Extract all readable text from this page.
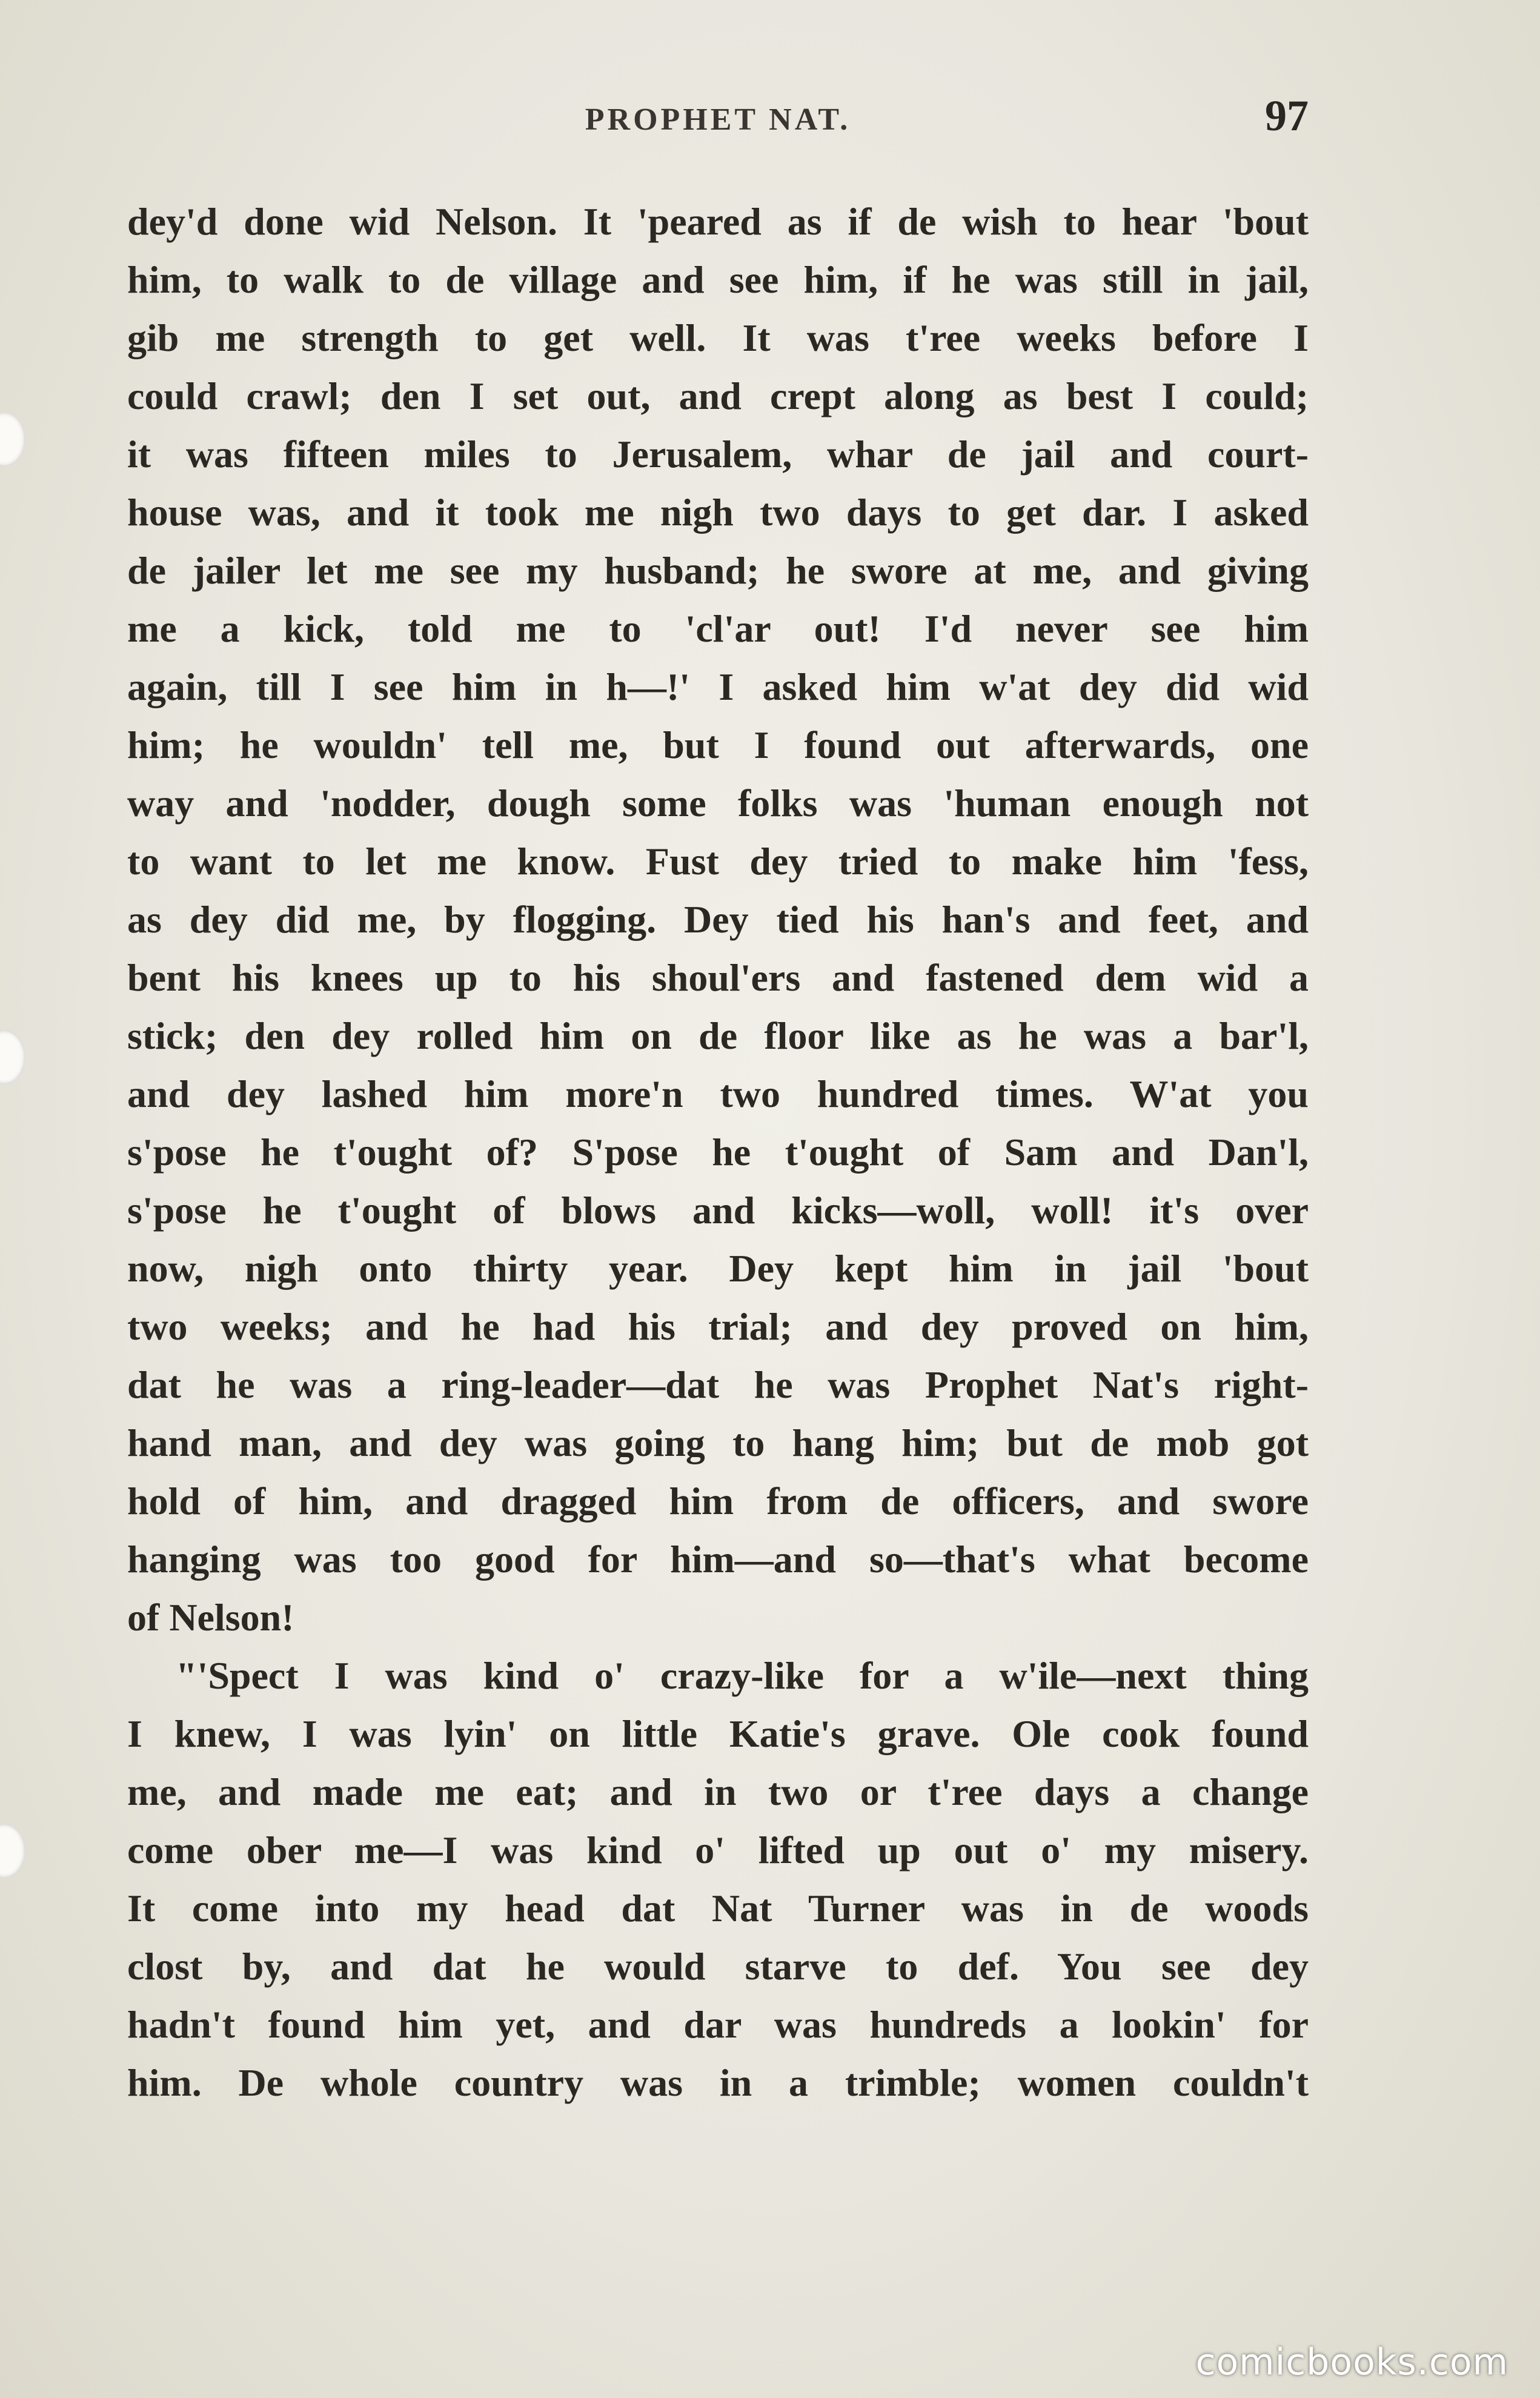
PROPHET NAT.	97
dey'd done wid Nelson. It 'peared as if de wish to hear 'bout
him, to walk to de village and see him, if he was still in jail,
gib me strength to get well. It was t'ree weeks before I
could crawl; den I set out, and crept along as best I could;
it was fifteen miles to Jerusalem, whar de jail and court-
house was, and it took me nigh two days to get dar. I asked
de jailer let me see my husband; he swore at me, and giving
me a kick, told me to 'cl'ar out! I'd never see him
again, till I see him in h—!' I asked him w'at dey did wid
him; he wouldn' tell me, but I found out afterwards, one
way and 'nodder, dough some folks was 'human enough not
to want to let me know. Fust dey tried to make him 'fess,
as dey did me, by flogging. Dey tied his han's and feet, and
bent his knees up to his shoul'ers and fastened dem wid a
stick; den dey rolled him on de floor like as he was a bar'l,
and dey lashed him more'n two hundred times. W'at you
s'pose he t'ought of? S'pose he t'ought of Sam and Dan'l,
s'pose he t'ought of blows and kicks—woll, woll! it's over
now, nigh onto thirty year. Dey kept him in jail 'bout
two weeks; and he had his trial; and dey proved on him,
dat he was a ring-leader—dat he was Prophet Nat's right-
hand man, and dey was going to hang him; but de mob got
hold of him, and dragged him from de officers, and swore
hanging was too good for him—and so—that's what become
of Nelson!
"'Spect I was kind o' crazy-like for a w'ile—next thing
I knew, I was lyin' on little Katie's grave. Ole cook found
me, and made me eat; and in two or t'ree days a change
come ober me—I was kind o' lifted up out o' my misery.
It come into my head dat Nat Turner was in de woods
clost by, and dat he would starve to def. You see dey
hadn't found him yet, and dar was hundreds a lookin' for
him. De whole country was in a trimble; women couldn't
comicbooks.com
